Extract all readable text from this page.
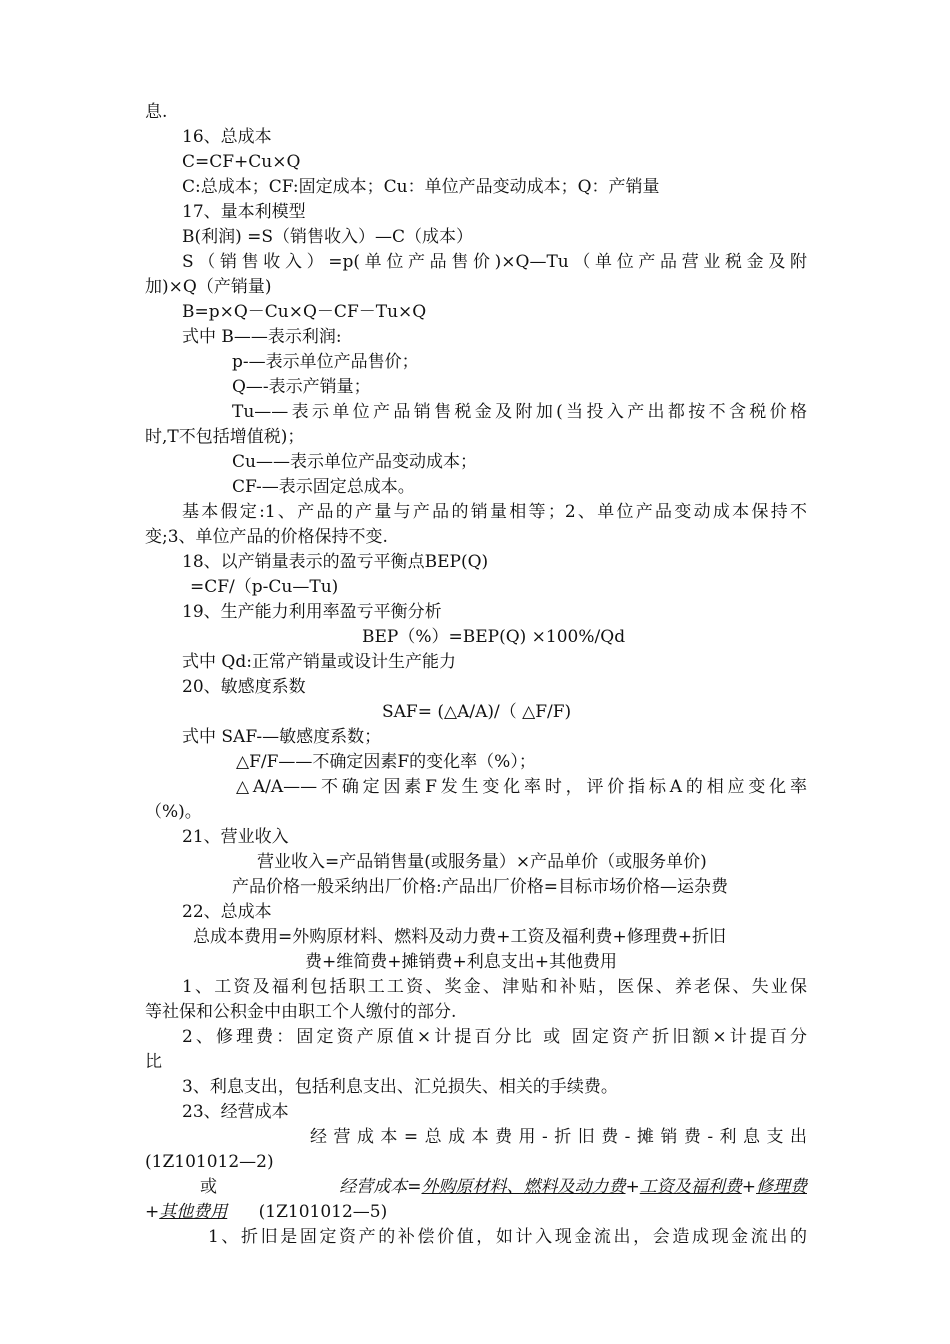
息.
16、总成本
C=CF+Cu×Q
C:总成本；CF:固定成本；Cu：单位产品变动成本；Q：产销量
17、量本利模型
B(利润) =S（销售收入）—C（成本）
S（销售收入）=p(单位产品售价)×Q—Tu（单位产品营业税金及附
加)×Q（产销量)
B=p×Q－Cu×Q－CF－Tu×Q
式中 B——表示利润:
p-—表示单位产品售价；
Q—-表示产销量；
Tu——表示单位产品销售税金及附加(当投入产出都按不含税价格
时,T不包括增值税)；
Cu——表示单位产品变动成本；
CF-—表示固定总成本。
基本假定:1、产品的产量与产品的销量相等；2、单位产品变动成本保持不
变;3、单位产品的价格保持不变.
18、以产销量表示的盈亏平衡点BEP(Q)
=CF/（p-Cu—Tu)
19、生产能力利用率盈亏平衡分析
BEP（%）=BEP(Q) ×100%/Qd
式中 Qd:正常产销量或设计生产能力
20、敏感度系数
SAF= (△A/A)/（ △F/F)
式中 SAF-—敏感度系数；
△F/F——不确定因素F的变化率（%）；
△A/A——不确定因素F发生变化率时，评价指标A的相应变化率
（%)。
21、营业收入
营业收入=产品销售量(或服务量）×产品单价（或服务单价)
产品价格一般采纳出厂价格:产品出厂价格=目标市场价格—运杂费
22、总成本
总成本费用=外购原材料、燃料及动力费+工资及福利费+修理费+折旧
费+维简费+摊销费+利息支出+其他费用
1、工资及福利包括职工工资、奖金、津贴和补贴，医保、养老保、失业保
等社保和公积金中由职工个人缴付的部分.
2、修理费：固定资产原值×计提百分比 或 固定资产折旧额×计提百分
比
3、利息支出，包括利息支出、汇兑损失、相关的手续费。
23、经营成本
经营成本=总成本费用-折旧费-摊销费-利息支出
(1Z101012—2)
或	经营成本=外购原材料、燃料及动力费+工资及福利费+修理费
+其他费用 (1Z101012—5)
1、折旧是固定资产的补偿价值，如计入现金流出，会造成现金流出的
